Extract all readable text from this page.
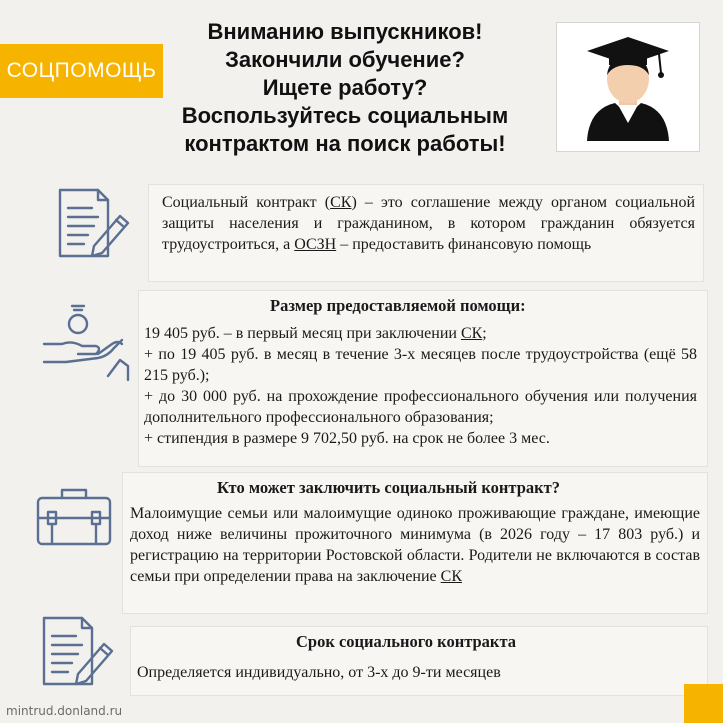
СОЦПОМОЩЬ
Вниманию выпускников!
Закончили обучение?
Ищете работу?
Воспользуйтесь социальным
контрактом на поиск работы!
Социальный контракт (СК) – это соглашение между органом социальной защиты населения и гражданином, в котором гражданин обязуется трудоустроиться, а ОСЗН – предоставить финансовую помощь
Размер предоставляемой помощи:
19 405 руб. – в первый месяц при заключении СК;
+ по 19 405 руб. в месяц в течение 3-х месяцев после трудоустройства (ещё 58 215 руб.);
+ до 30 000 руб. на прохождение профессионального обучения или получения дополнительного профессионального образования;
+ стипендия в размере 9 702,50 руб. на срок не более 3 мес.
Кто может заключить социальный контракт?
Малоимущие семьи или малоимущие одиноко проживающие граждане, имеющие доход ниже величины прожиточного минимума (в 2026 году – 17 803 руб.) и регистрацию на территории Ростовской области. Родители не включаются в состав семьи при определении права на заключение СК
Срок социального контракта
Определяется индивидуально, от 3-х до 9-ти месяцев
mintrud.donland.ru
